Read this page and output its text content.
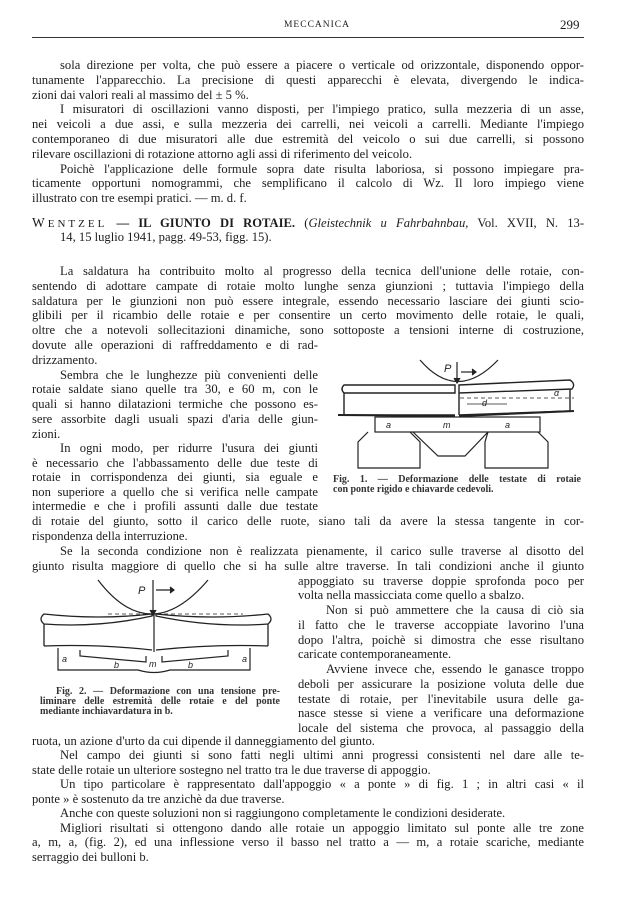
MECCANICA	299
sola direzione per volta, che può essere a piacere o verticale od orizzontale, disponendo oppor-
tunamente l'apparecchio. La precisione di questi apparecchi è elevata, divergendo le indica-
zioni dai valori reali al massimo del ± 5 %.
I misuratori di oscillazioni vanno disposti, per l'impiego pratico, sulla mezzeria di un asse,
nei veicoli a due assi, e sulla mezzeria dei carrelli, nei veicoli a carrelli. Mediante l'impiego
contemporaneo di due misuratori alle due estremità del veicolo o sui due carrelli, si possono
rilevare oscillazioni di rotazione attorno agli assi di riferimento del veicolo.
Poichè l'applicazione delle formule sopra date risulta laboriosa, si possono impiegare pra-
ticamente opportuni nomogrammi, che semplificano il calcolo di Wz. Il loro impiego viene
illustrato con tre esempi pratici. — m. d. f.
La saldatura ha contribuito molto al progresso della tecnica dell'unione delle rotaie, con-
sentendo di adottare campate di rotaie molto lunghe senza giunzioni ; tuttavia l'impiego della
saldatura per le giunzioni non può essere integrale, essendo necessario lasciare dei giunti scio-
glibili per il ricambio delle rotaie e per consentire un certo movimento delle rotaie, le quali,
oltre che a notevoli sollecitazioni dinamiche, sono sottoposte a tensioni interne di costruzione,
dovute alle operazioni di raffreddamento e di rad-
drizzamento.
Sembra che le lunghezze più convenienti delle
rotaie saldate siano quelle tra 30, e 60 m, con le
quali si hanno dilatazioni termiche che possono es-
sere assorbite dagli usuali spazi d'aria delle giun-
zioni.
In ogni modo, per ridurre l'usura dei giunti
è necessario che l'abbassamento delle due teste di
rotaie in corrispondenza dei giunti, sia eguale e
non superiore a quello che si verifica nelle campate
intermedie e che i profili assunti dalle due testate
di rotaie del giunto, sotto il carico delle ruote, siano tali da avere la stessa tangente in cor-
rispondenza della interruzione.
Se la seconda condizione non è realizzata pienamente, il carico sulle traverse al disotto del
giunto risulta maggiore di quello che si ha sulle altre traverse. In tali condizioni anche il giunto
appoggiato su traverse doppie sprofonda poco per
volta nella massicciata come quello a sbalzo.
Non si può ammettere che la causa di ciò sia
il fatto che le traverse accoppiate lavorino l'una
dopo l'altra, poichè si dimostra che esse risultano
caricate contemporaneamente.
Avviene invece che, essendo le ganasce troppo
deboli per assicurare la posizione voluta delle due
testate di rotaie, per l'inevitabile usura delle ga-
nasce stesse si viene a verificare una deformazione
locale del sistema che provoca, al passaggio della
ruota, un azione d'urto da cui dipende il danneggiamento del giunto.
Nel campo dei giunti si sono fatti negli ultimi anni progressi consistenti nel dare alle te-
state delle rotaie un ulteriore sostegno nel tratto tra le due traverse di appoggio.
Un tipo particolare è rappresentato dall'appoggio « a ponte » di fig. 1 ; in altri casi « il
ponte » è sostenuto da tre anzichè da due traverse.
Anche con queste soluzioni non si raggiungono completamente le condizioni desiderate.
Migliori risultati si ottengono dando alle rotaie un appoggio limitato sul ponte alle tre zone
a, m, a, (fig. 2), ed una inflessione verso il basso nel tratto a — m, a rotaie scariche, mediante
serraggio dei bulloni b.
WENTZEL — IL GIUNTO DI ROTAIE. (Gleistechnik u Fahrbahnbau, Vol. XVII, N. 13-
14, 15 luglio 1941, pagg. 49-53, figg. 15).
P
α
d
a	m	a
Fig. 1. — Deformazione delle testate di rotaie
con ponte rigido e chiavarde cedevoli.
P
a
b	m	b
a
Fig. 2. — Deformazione con una tensione pre-
liminare delle estremità delle rotaie e del ponte
mediante inchiavardatura in b.
